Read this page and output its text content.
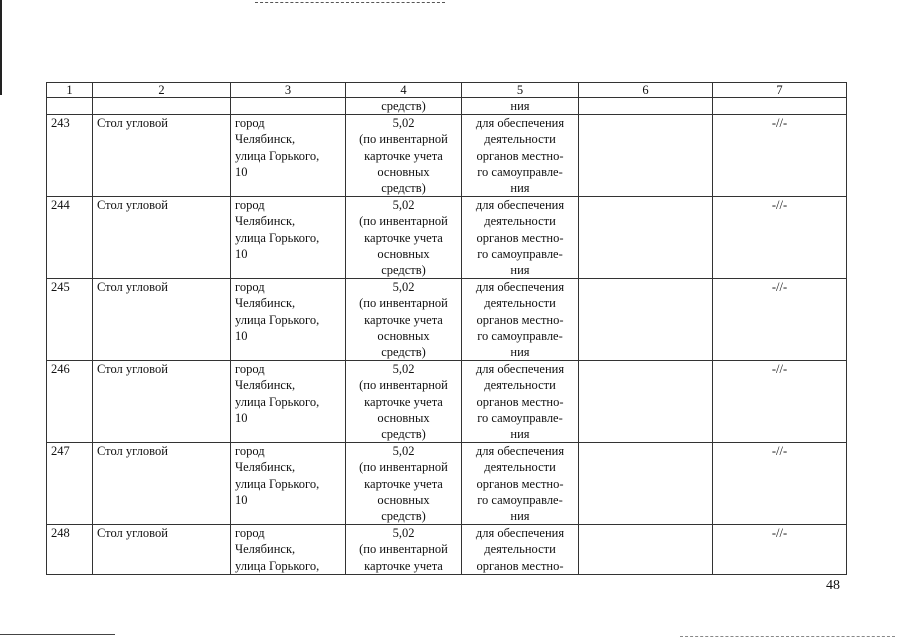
1	2	3	4	5	6	7
			средств)	ния		
243	Стол угловой	город
Челябинск,
улица Горького,
10	5,02
(по инвентарной
карточке учета
основных
средств)	для обеспечения
деятельности
органов местно-
го самоуправле-
ния		-//-
244	Стол угловой	город
Челябинск,
улица Горького,
10	5,02
(по инвентарной
карточке учета
основных
средств)	для обеспечения
деятельности
органов местно-
го самоуправле-
ния		-//-
245	Стол угловой	город
Челябинск,
улица Горького,
10	5,02
(по инвентарной
карточке учета
основных
средств)	для обеспечения
деятельности
органов местно-
го самоуправле-
ния		-//-
246	Стол угловой	город
Челябинск,
улица Горького,
10	5,02
(по инвентарной
карточке учета
основных
средств)	для обеспечения
деятельности
органов местно-
го самоуправле-
ния		-//-
247	Стол угловой	город
Челябинск,
улица Горького,
10	5,02
(по инвентарной
карточке учета
основных
средств)	для обеспечения
деятельности
органов местно-
го самоуправле-
ния		-//-
248	Стол угловой	город
Челябинск,
улица Горького,	5,02
(по инвентарной
карточке учета	для обеспечения
деятельности
органов местно-		-//-
48
